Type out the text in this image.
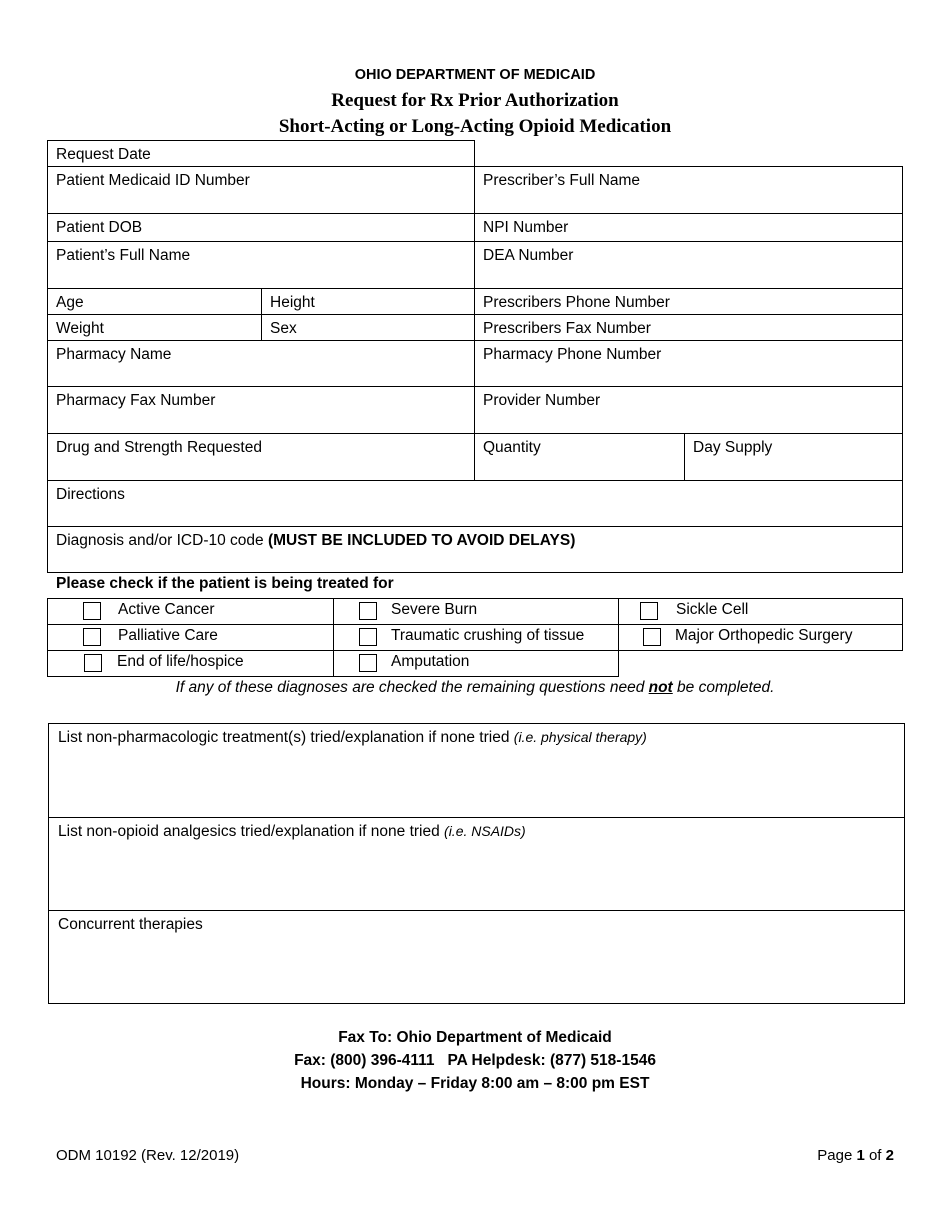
OHIO DEPARTMENT OF MEDICAID
Request for Rx Prior Authorization
Short-Acting or Long-Acting Opioid Medication
Request Date
Patient Medicaid ID Number	Prescriber’s Full Name
Patient DOB	NPI Number
Patient’s Full Name	DEA Number
Age	Height	Prescribers Phone Number
Weight	Sex	Prescribers Fax Number
Pharmacy Name	Pharmacy Phone Number
Pharmacy Fax Number	Provider Number
Drug and Strength Requested	Quantity	Day Supply
Directions
Diagnosis and/or ICD-10 code (MUST BE INCLUDED TO AVOID DELAYS)
Please check if the patient is being treated for
Active Cancer	Severe Burn	Sickle Cell
Palliative Care	Traumatic crushing of tissue	Major Orthopedic Surgery
End of life/hospice	Amputation
If any of these diagnoses are checked the remaining questions need not be completed.
List non-pharmacologic treatment(s) tried/explanation if none tried (i.e. physical therapy)
List non-opioid analgesics tried/explanation if none tried (i.e. NSAIDs)
Concurrent therapies
Fax To: Ohio Department of Medicaid
Fax: (800) 396-4111   PA Helpdesk: (877) 518-1546
Hours: Monday – Friday 8:00 am – 8:00 pm EST
ODM 10192 (Rev. 12/2019)	Page 1 of 2
